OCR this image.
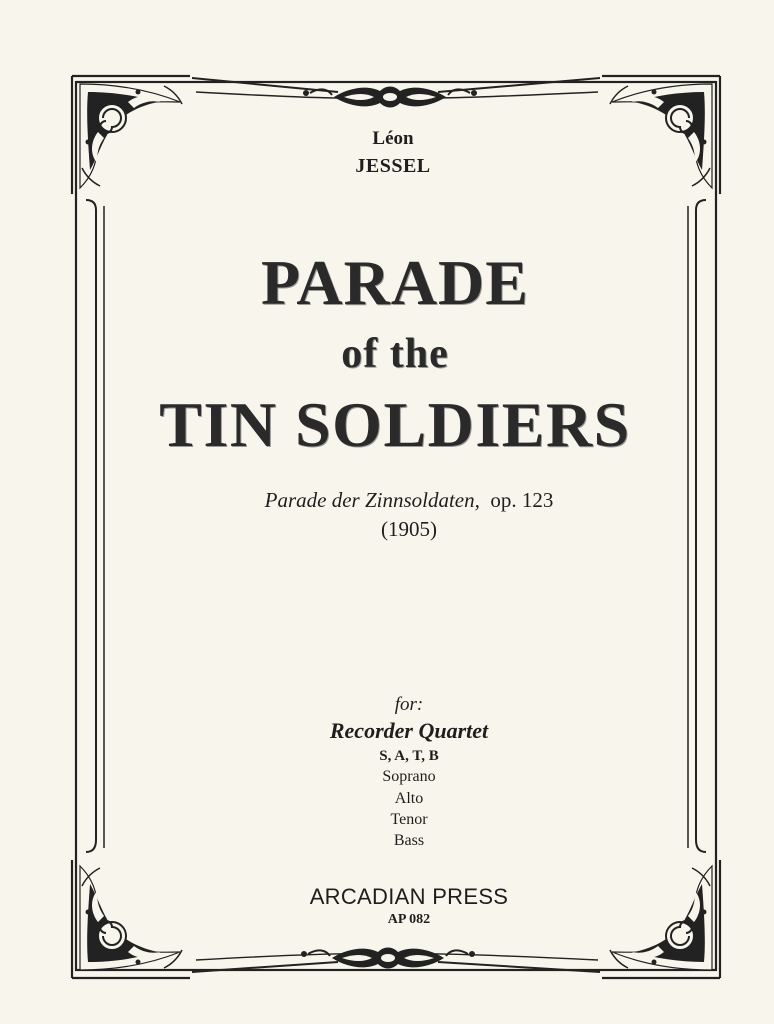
Léon
JESSEL
PARADE
of the
TIN SOLDIERS
Parade der Zinnsoldaten, op. 123
(1905)
for:
Recorder Quartet
S, A, T, B
Soprano
Alto
Tenor
Bass
ARCADIAN PRESS
AP 082
